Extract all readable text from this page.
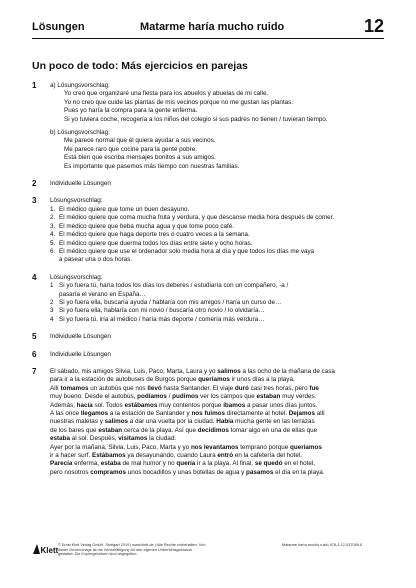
Lösungen	Matarme haría mucho ruido	12
Un poco de todo: Más ejercicios en parejas
1 a) Lösungsvorschlag:
Yo creo que organizaré una fiesta para los abuelos y abuelas de mi calle.
Yo no creo que cuide las plantas de mis vecinos porque no me gustan las plantas.
Pues yo haría la compra para la gente enferma.
Si yo tuviera coche, recogería a los niños del colegio si sus padres no tienen / tuvieran tiempo.
b) Lösungsvorschlag:
Me parece normal que él quiera ayudar a sus vecinos.
Me parece raro que cocine para la gente pobre.
Está bien que escriba mensajes bonitos a sus amigos.
Es importante que pasemos más tiempo con nuestras familias.
2 Individuelle Lösungen
3 Lösungsvorschlag:
1. El médico quiere que tome un buen desayuno.
2. El médico quiere que coma mucha fruta y verdura, y que descanse media hora después de comer.
3. El médico quiere que beba mucha agua y que tome poco café.
4. El médico quiere que haga deporte tres o cuatro veces a la semana.
5. El médico quiere que duerma todos los días entre siete y ocho horas.
6. El médico quiere que use el ordenador solo media hora al día y que todos los días me vaya
a pasear una o dos horas.
4 Lösungsvorschlag:
1 Si yo fuera tú, haría todos los días los deberes / estudiaría con un compañero, -a /
pasaría el verano en España…
2 Si yo fuera ella, buscaría ayuda / hablaría con mis amigos / haría un curso de…
3 Si yo fuera ella, hablaría con mi novio / buscaría otro novio / lo olvidaría…
4 Si yo fuera tú, iría al médico / haría más deporte / comería más verdura…
5 Individuelle Lösungen
6 Individuelle Lösungen
7 El sábado, mis amigos Silvia, Luis, Paco, Marta, Laura y yo salimos a las ocho de la mañana de casa
para ir a la estación de autobuses de Burgos porque queríamos ir unos días a la playa.
Allí tomamos un autobús que nos llevó hasta Santander. El viaje duró casi tres horas, pero fue
muy bueno: Desde el autobús, podíamos / pudimos ver los campos que estaban muy verdes.
Además, hacía sol. Todos estábamos muy contentos porque íbamos a pasar unos días juntos.
A las once llegamos a la estación de Santander y nos fuimos directamente al hotel. Dejamos allí
nuestras maletas y salimos a dar una vuelta por la ciudad. Había mucha gente en las terrazas
de los bares que estaban cerca de la playa. Así que decidimos tomar algo en una de ellas que
estaba al sol. Después, visitamos la ciudad.
Ayer por la mañana, Silvia, Luis, Paco, Marta y yo nos levantamos temprano porque queríamos
ir a hacer surf. Estábamos ya desayunando, cuando Laura entró en la cafetería del hotel.
Parecía enferma, estaba de mal humor y no quería ir a la playa. Al final, se quedó en el hotel,
pero nosotros compramos unos bocadillos y unas botellas de agua y pasamos el día en la playa.
Klett
© Ernst Klett Verlag GmbH, Stuttgart 2019 | www.klett.de | Alle Rechte vorbehalten. Von dieser Druckvorlage ist die Vervielfältigung für den eigenen Unterrichtsgebrauch gestattet. Die Kopiergebühren sind abgegolten.
Matarme haría mucho ruido 978-3-12-537069-6
